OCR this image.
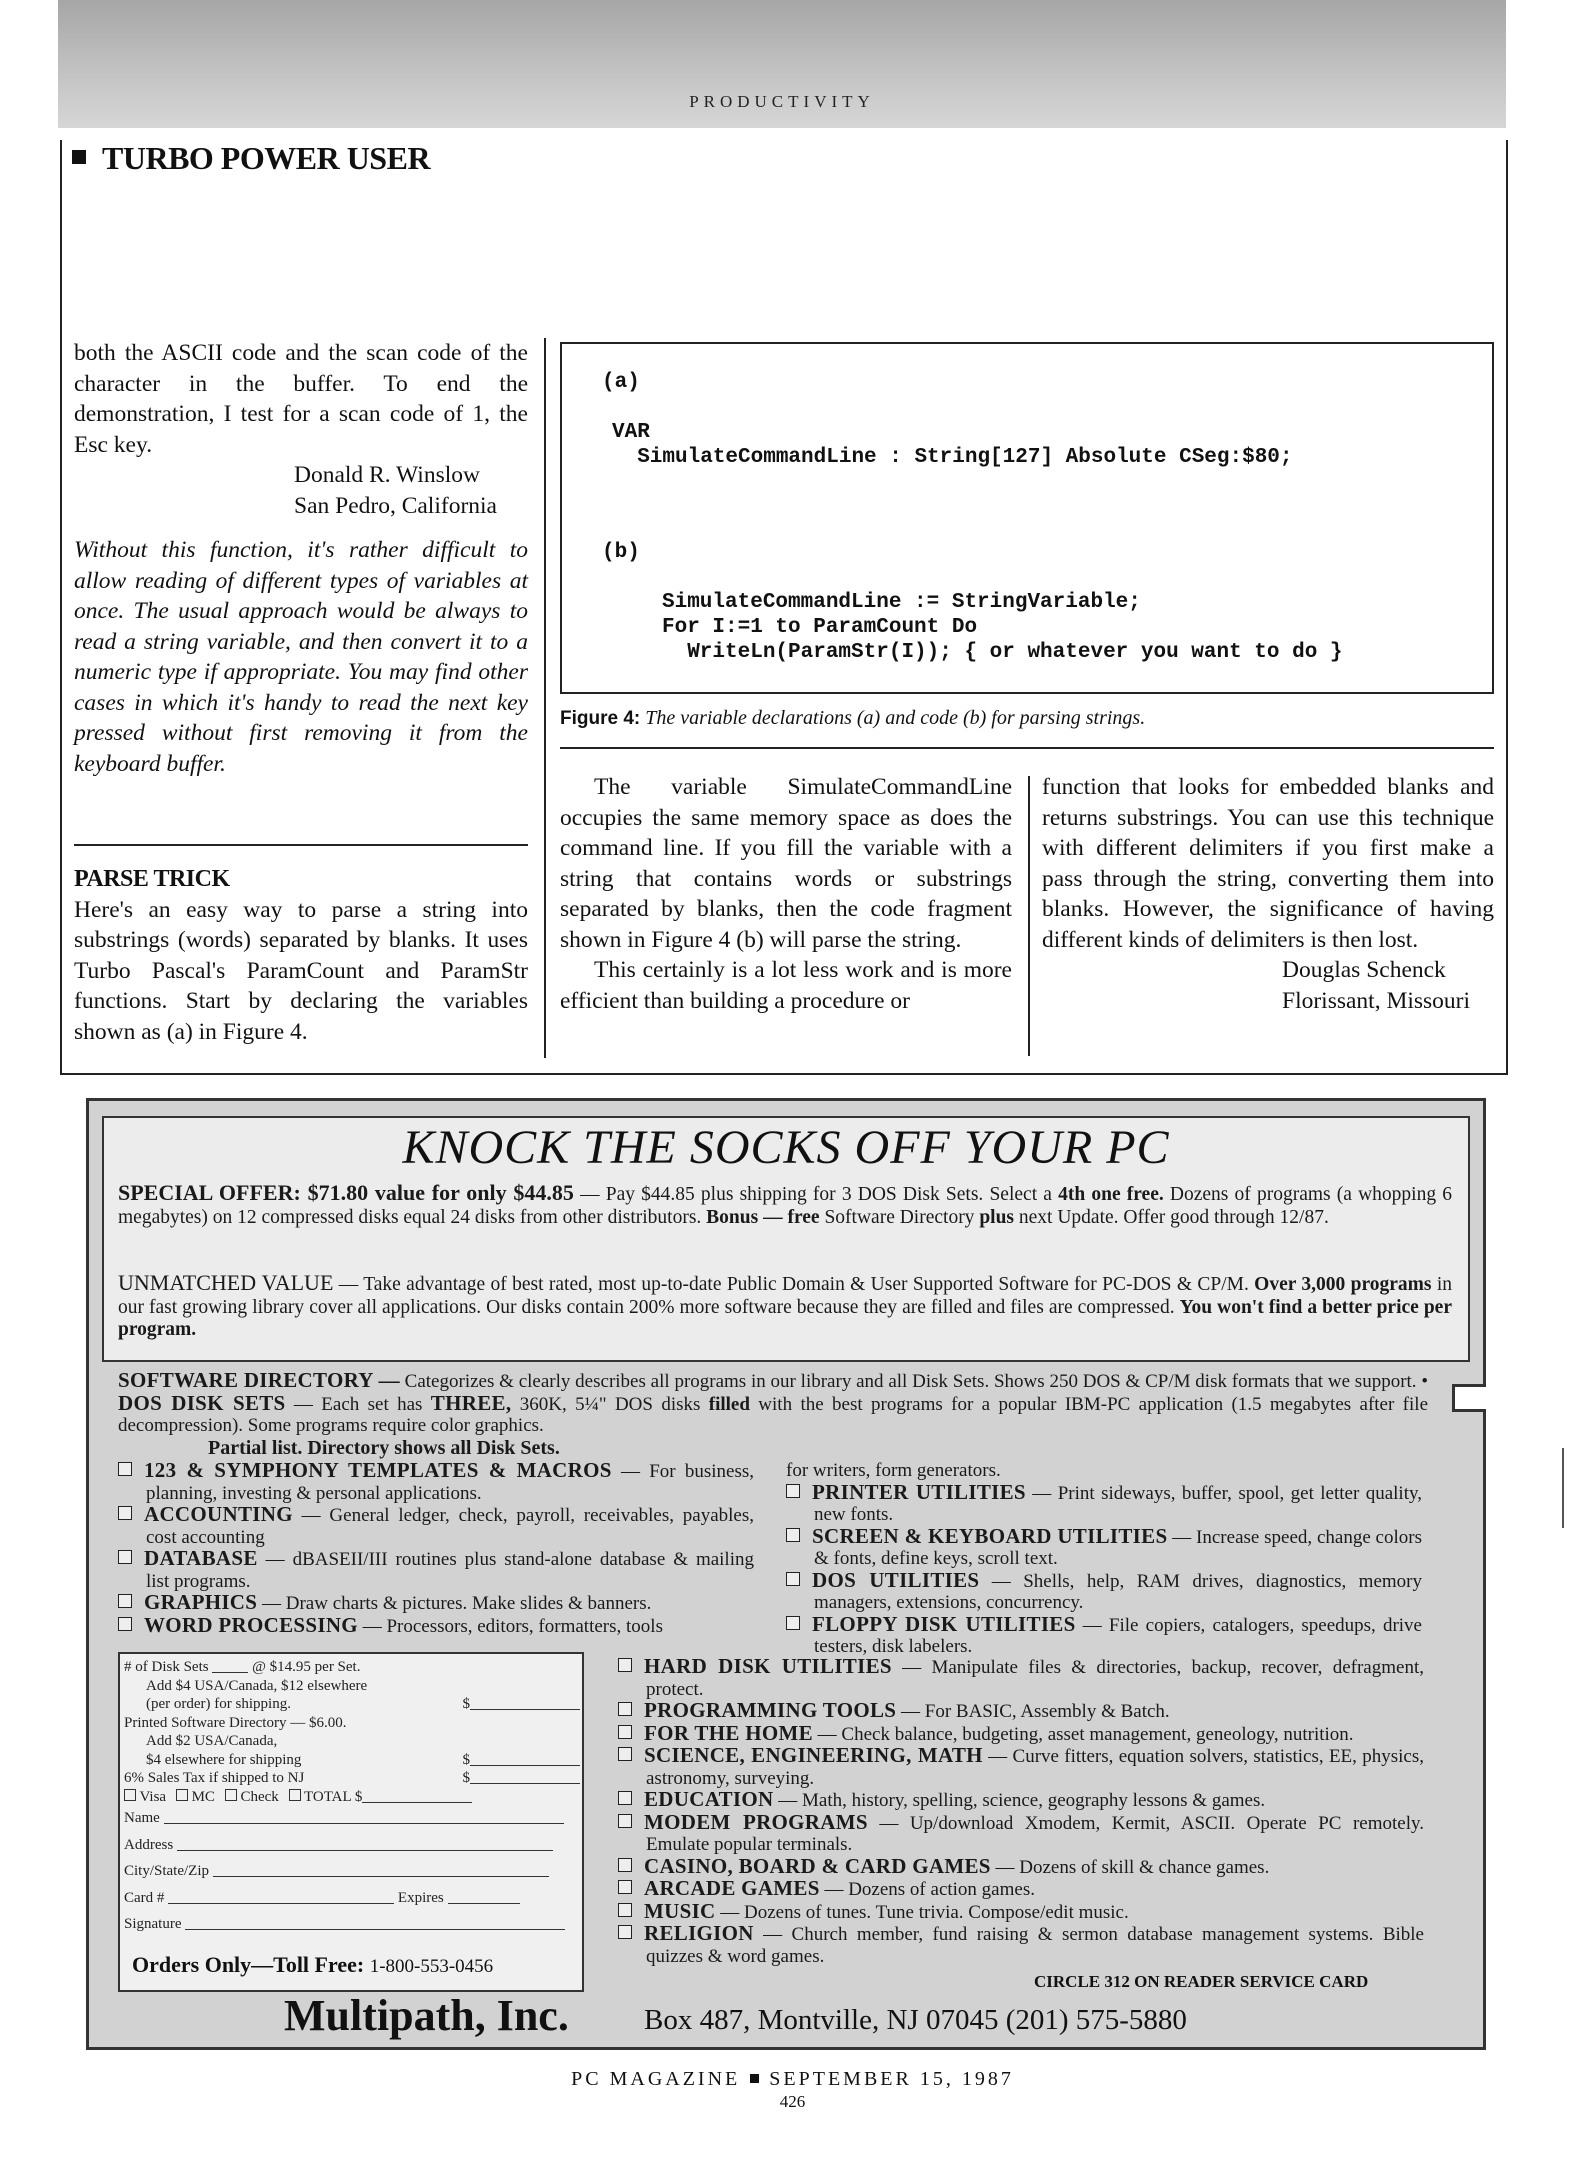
PRODUCTIVITY
TURBO POWER USER

both the ASCII code and the scan code of the character in the buffer. To end the demonstration, I test for a scan code of 1, the Esc key.

Donald R. Winslow

San Pedro, California

Without this function, it's rather difficult to allow reading of different types of variables at once. The usual approach would be always to read a string variable, and then convert it to a numeric type if appropriate. You may find other cases in which it's handy to read the next key pressed without first removing it from the keyboard buffer.

PARSE TRICK

Here's an easy way to parse a string into substrings (words) separated by blanks. It uses Turbo Pascal's ParamCount and ParamStr functions. Start by declaring the variables shown as (a) in Figure 4.

(a)
VAR
SimulateCommandLine : String[127] Absolute CSeg:$80;
(b)
SimulateCommandLine := StringVariable;
For I:=1 to ParamCount Do
WriteLn(ParamStr(I)); { or whatever you want to do }
Figure 4: The variable declarations (a) and code (b) for parsing strings.

The variable SimulateCommandLine occupies the same memory space as does the command line. If you fill the variable with a string that contains words or substrings separated by blanks, then the code fragment shown in Figure 4 (b) will parse the string.

This certainly is a lot less work and is more efficient than building a procedure or

function that looks for embedded blanks and returns substrings. You can use this technique with different delimiters if you first make a pass through the string, converting them into blanks. However, the significance of having different kinds of delimiters is then lost.

Douglas Schenck

Florissant, Missouri

KNOCK THE SOCKS OFF YOUR PC
SPECIAL OFFER: $71.80 value for only $44.85 — Pay $44.85 plus shipping for 3 DOS Disk Sets. Select a 4th one free. Dozens of programs (a whopping 6 megabytes) on 12 compressed disks equal 24 disks from other distributors. Bonus — free Software Directory plus next Update. Offer good through 12/87.
UNMATCHED VALUE — Take advantage of best rated, most up-to-date Public Domain & User Supported Software for PC-DOS & CP/M. Over 3,000 programs in our fast growing library cover all applications. Our disks contain 200% more software because they are filled and files are compressed. You won't find a better price per program.
SOFTWARE DIRECTORY — Categorizes & clearly describes all programs in our library and all Disk Sets. Shows 250 DOS & CP/M disk formats that we support. • DOS DISK SETS — Each set has THREE, 360K, 5¼" DOS disks filled with the best programs for a popular IBM-PC application (1.5 megabytes after file decompression). Some programs require color graphics.
Partial list. Directory shows all Disk Sets.
123 & SYMPHONY TEMPLATES & MACROS — For business, planning, investing & personal applications.
ACCOUNTING — General ledger, check, payroll, receivables, payables, cost accounting
DATABASE — dBASEII/III routines plus stand-alone database & mailing list programs.
GRAPHICS — Draw charts & pictures. Make slides & banners.
WORD PROCESSING — Processors, editors, formatters, tools
for writers, form generators.
PRINTER UTILITIES — Print sideways, buffer, spool, get letter quality, new fonts.
SCREEN & KEYBOARD UTILITIES — Increase speed, change colors & fonts, define keys, scroll text.
DOS UTILITIES — Shells, help, RAM drives, diagnostics, memory managers, extensions, concurrency.
FLOPPY DISK UTILITIES — File copiers, catalogers, speedups, drive testers, disk labelers.
HARD DISK UTILITIES — Manipulate files & directories, backup, recover, defragment, protect.
PROGRAMMING TOOLS — For BASIC, Assembly & Batch.
FOR THE HOME — Check balance, budgeting, asset management, geneology, nutrition.
SCIENCE, ENGINEERING, MATH — Curve fitters, equation solvers, statistics, EE, physics, astronomy, surveying.
EDUCATION — Math, history, spelling, science, geography lessons & games.
MODEM PROGRAMS — Up/download Xmodem, Kermit, ASCII. Operate PC remotely. Emulate popular terminals.
CASINO, BOARD & CARD GAMES — Dozens of skill & chance games.
ARCADE GAMES — Dozens of action games.
MUSIC — Dozens of tunes. Tune trivia. Compose/edit music.
RELIGION — Church member, fund raising & sermon database management systems. Bible quizzes & word games.
# of Disk Sets	@ $14.95 per Set.
Add $4 USA/Canada, $12 elsewhere
(per order) for shipping.	$
Printed Software Directory — $6.00.
Add $2 USA/Canada,
$4 elsewhere for shipping	$
6% Sales Tax if shipped to NJ	$
Visa MC Check TOTAL $
Name
Address
City/State/Zip
Card #	Expires
Signature
Orders Only—Toll Free: 1-800-553-0456
CIRCLE 312 ON READER SERVICE CARD
Multipath, Inc.	Box 487, Montville, NJ 07045 (201) 575-5880
PC MAGAZINE SEPTEMBER 15, 1987
426
